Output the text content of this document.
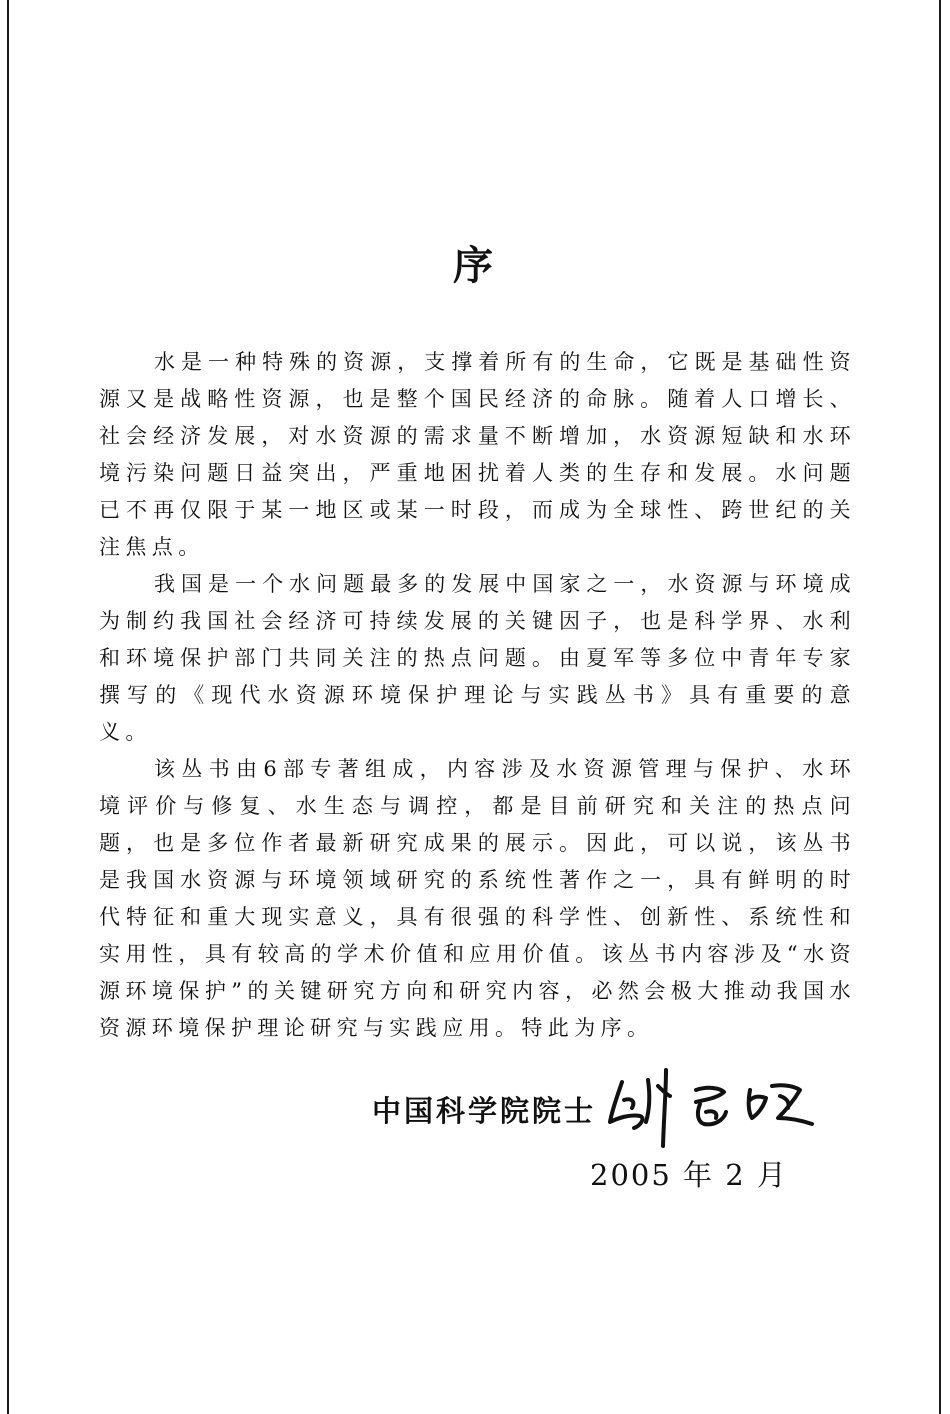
序

水是一种特殊的资源，支撑着所有的生命，它既是基础性资源又是战略性资源，也是整个国民经济的命脉。随着人口增长、社会经济发展，对水资源的需求量不断增加，水资源短缺和水环境污染问题日益突出，严重地困扰着人类的生存和发展。水问题已不再仅限于某一地区或某一时段，而成为全球性、跨世纪的关注焦点。

我国是一个水问题最多的发展中国家之一，水资源与环境成为制约我国社会经济可持续发展的关键因子，也是科学界、水利和环境保护部门共同关注的热点问题。由夏军等多位中青年专家撰写的《现代水资源环境保护理论与实践丛书》具有重要的意义。

该丛书由6部专著组成，内容涉及水资源管理与保护、水环境评价与修复、水生态与调控，都是目前研究和关注的热点问题，也是多位作者最新研究成果的展示。因此，可以说，该丛书是我国水资源与环境领域研究的系统性著作之一，具有鲜明的时代特征和重大现实意义，具有很强的科学性、创新性、系统性和实用性，具有较高的学术价值和应用价值。该丛书内容涉及“水资源环境保护”的关键研究方向和研究内容，必然会极大推动我国水资源环境保护理论研究与实践应用。特此为序。

中国科学院院士
2005 年 2 月
